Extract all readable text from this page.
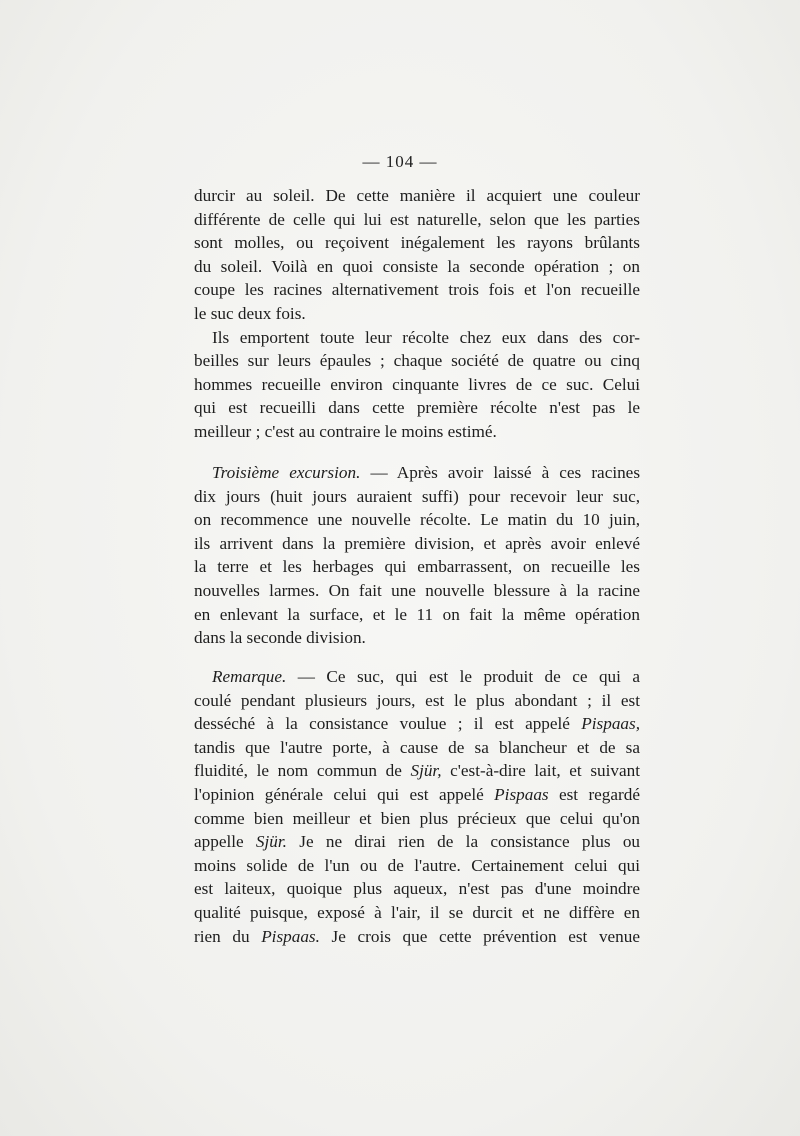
— 104 —
durcir au soleil. De cette manière il acquiert une couleur
différente de celle qui lui est naturelle, selon que les parties
sont molles, ou reçoivent inégalement les rayons brûlants
du soleil. Voilà en quoi consiste la seconde opération ; on
coupe les racines alternativement trois fois et l'on recueille
le suc deux fois.
Ils emportent toute leur récolte chez eux dans des cor-
beilles sur leurs épaules ; chaque société de quatre ou cinq
hommes recueille environ cinquante livres de ce suc. Celui
qui est recueilli dans cette première récolte n'est pas le
meilleur ; c'est au contraire le moins estimé.
Troisième excursion. — Après avoir laissé à ces racines
dix jours (huit jours auraient suffi) pour recevoir leur suc,
on recommence une nouvelle récolte. Le matin du 10 juin,
ils arrivent dans la première division, et après avoir enlevé
la terre et les herbages qui embarrassent, on recueille les
nouvelles larmes. On fait une nouvelle blessure à la racine
en enlevant la surface, et le 11 on fait la même opération
dans la seconde division.
Remarque. — Ce suc, qui est le produit de ce qui a
coulé pendant plusieurs jours, est le plus abondant ; il est
desséché à la consistance voulue ; il est appelé Pispaas,
tandis que l'autre porte, à cause de sa blancheur et de sa
fluidité, le nom commun de Sjür, c'est-à-dire lait, et suivant
l'opinion générale celui qui est appelé Pispaas est regardé
comme bien meilleur et bien plus précieux que celui qu'on
appelle Sjür. Je ne dirai rien de la consistance plus ou
moins solide de l'un ou de l'autre. Certainement celui qui
est laiteux, quoique plus aqueux, n'est pas d'une moindre
qualité puisque, exposé à l'air, il se durcit et ne diffère en
rien du Pispaas. Je crois que cette prévention est venue
